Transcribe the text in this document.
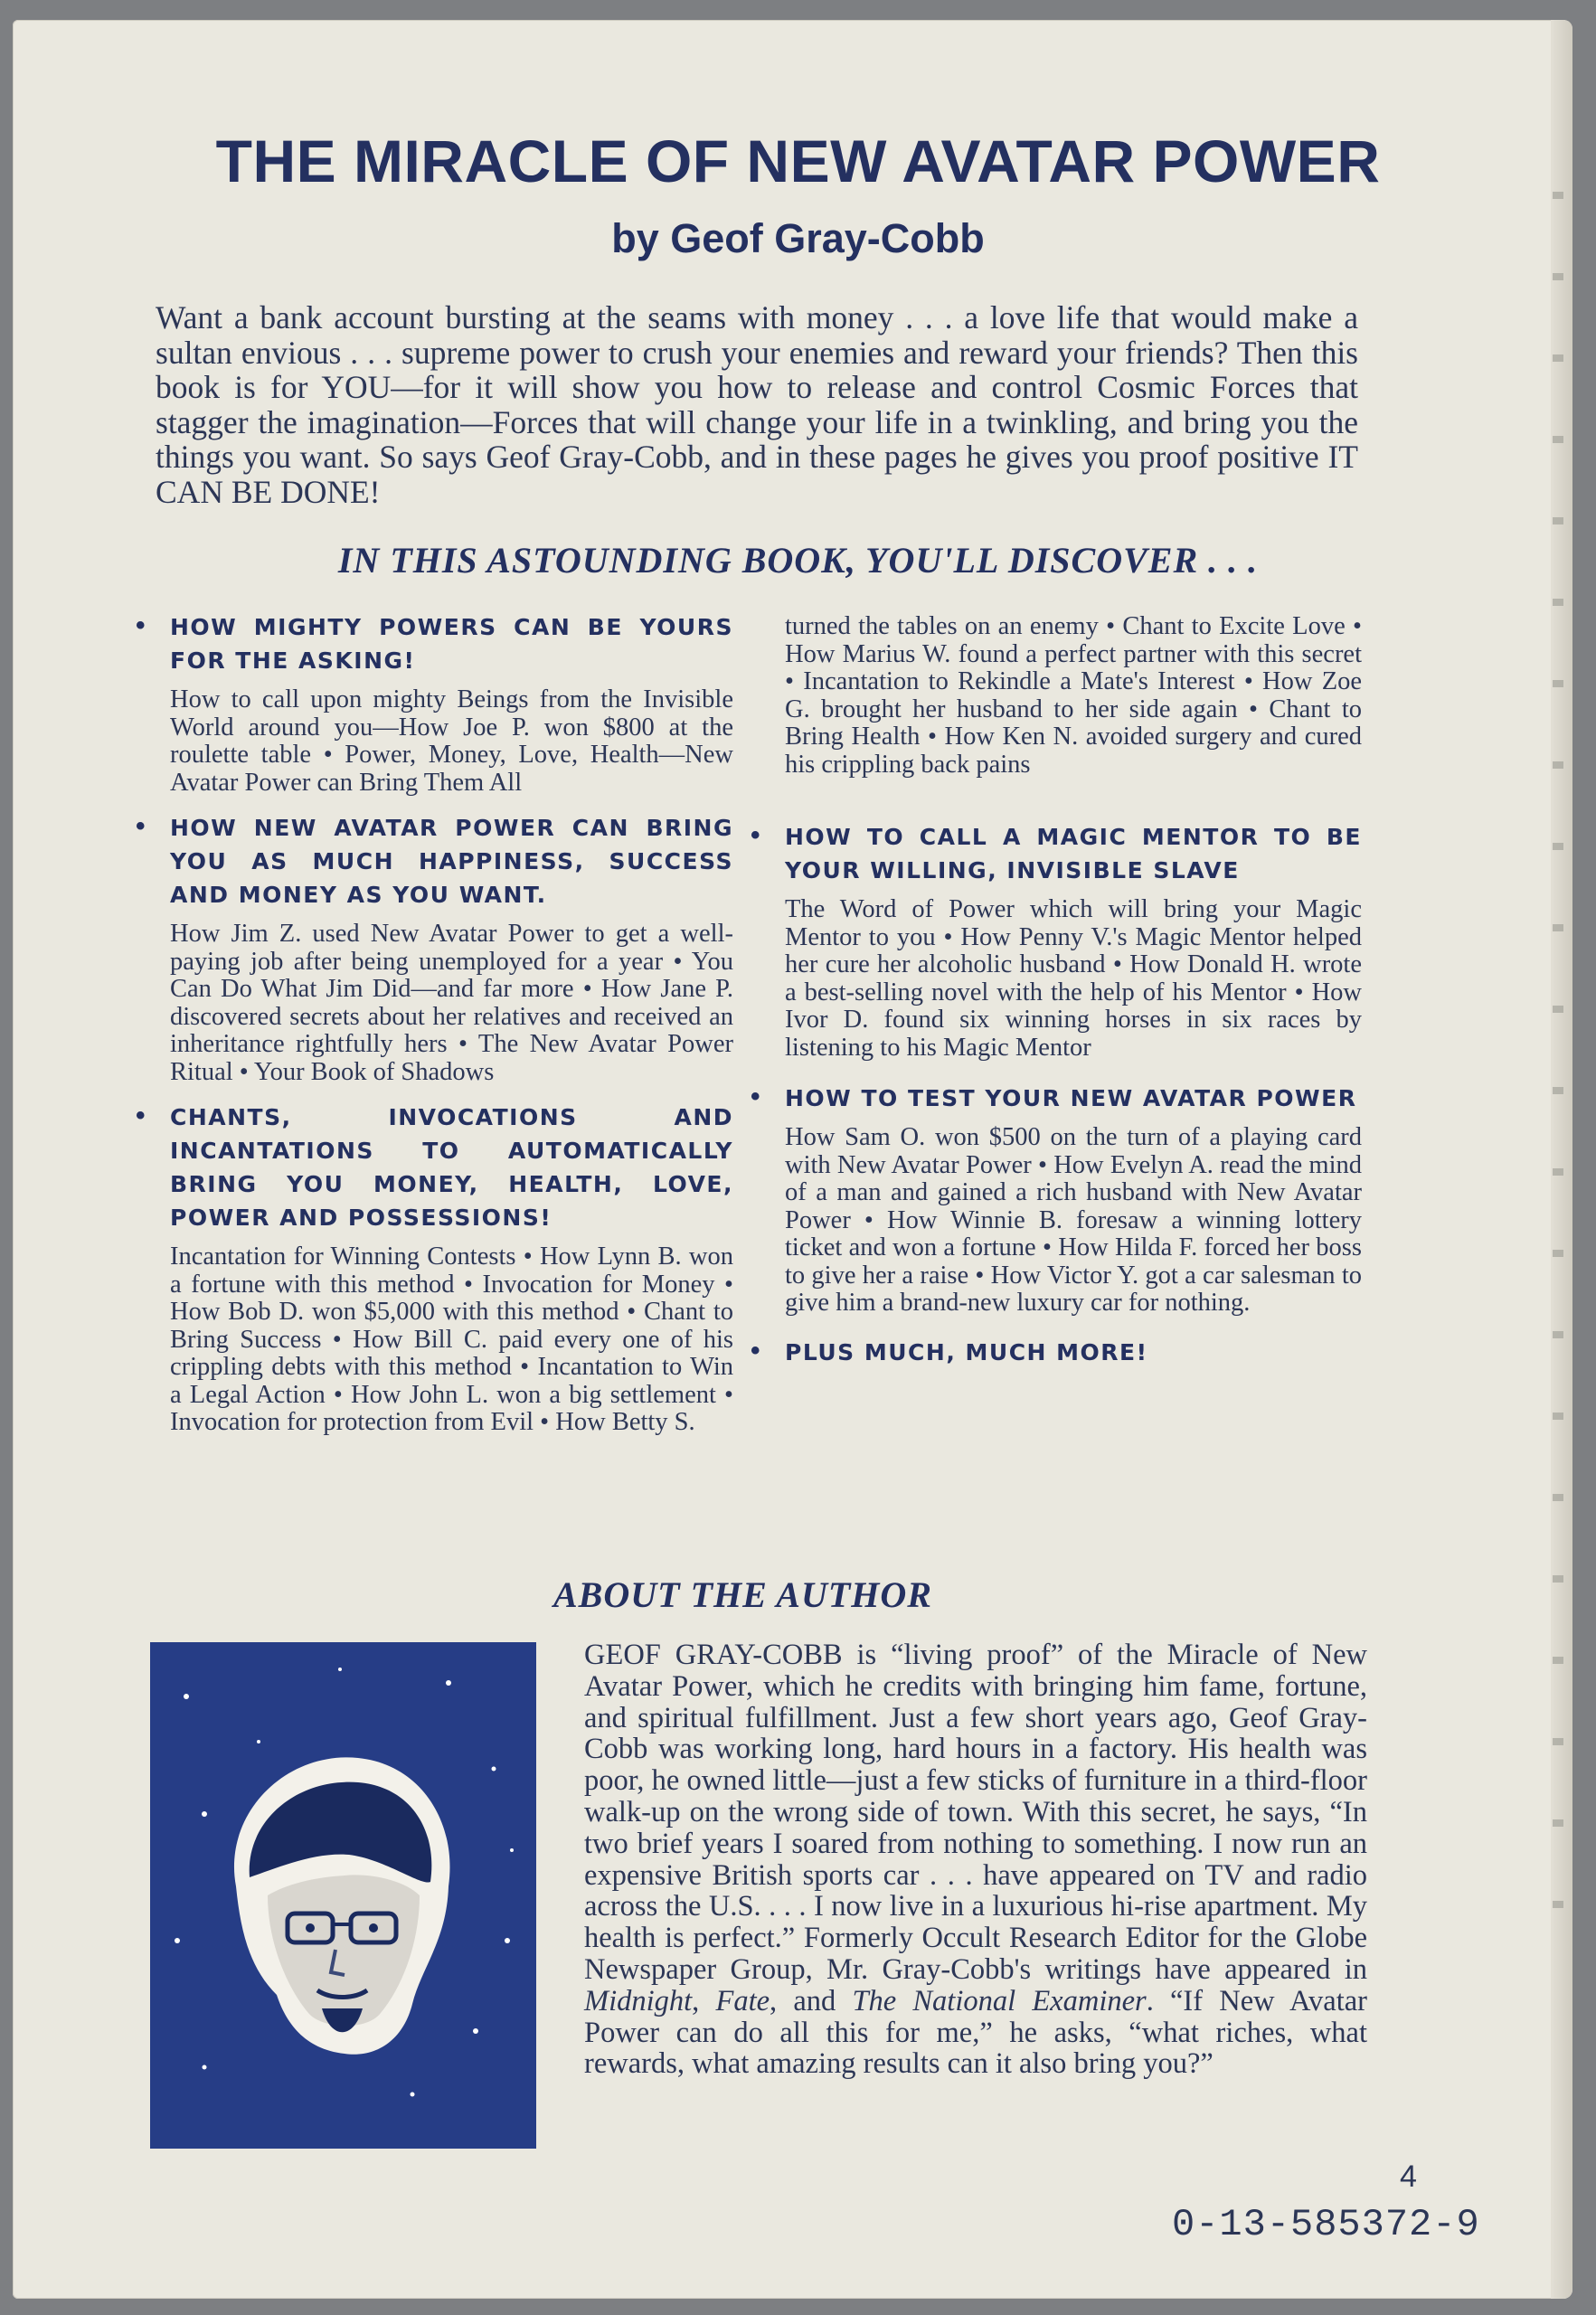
THE MIRACLE OF NEW AVATAR POWER
by Geof Gray-Cobb

Want a bank account bursting at the seams with money . . . a love life that would make a sultan envious . . . supreme power to crush your enemies and reward your friends? Then this book is for YOU—for it will show you how to release and control Cosmic Forces that stagger the imagination—Forces that will change your life in a twinkling, and bring you the things you want. So says Geof Gray-Cobb, and in these pages he gives you proof positive IT CAN BE DONE!

IN THIS ASTOUNDING BOOK, YOU'LL DISCOVER . . .
• HOW MIGHTY POWERS CAN BE YOURS FOR THE ASKING!
How to call upon mighty Beings from the Invisible World around you—How Joe P. won $800 at the roulette table • Power, Money, Love, Health—New Avatar Power can Bring Them All
• HOW NEW AVATAR POWER CAN BRING YOU AS MUCH HAPPINESS, SUCCESS AND MONEY AS YOU WANT.
How Jim Z. used New Avatar Power to get a well-paying job after being unemployed for a year • You Can Do What Jim Did—and far more • How Jane P. discovered secrets about her relatives and received an inheritance rightfully hers • The New Avatar Power Ritual • Your Book of Shadows
• CHANTS, INVOCATIONS AND INCANTATIONS TO AUTOMATICALLY BRING YOU MONEY, HEALTH, LOVE, POWER AND POSSESSIONS!
Incantation for Winning Contests • How Lynn B. won a fortune with this method • Invocation for Money • How Bob D. won $5,000 with this method • Chant to Bring Success • How Bill C. paid every one of his crippling debts with this method • Incantation to Win a Legal Action • How John L. won a big settlement • Invocation for protection from Evil • How Betty S.
turned the tables on an enemy • Chant to Excite Love • How Marius W. found a perfect partner with this secret • Incantation to Rekindle a Mate's Interest • How Zoe G. brought her husband to her side again • Chant to Bring Health • How Ken N. avoided surgery and cured his crippling back pains
• HOW TO CALL A MAGIC MENTOR TO BE YOUR WILLING, INVISIBLE SLAVE
The Word of Power which will bring your Magic Mentor to you • How Penny V.'s Magic Mentor helped her cure her alcoholic husband • How Donald H. wrote a best-selling novel with the help of his Mentor • How Ivor D. found six winning horses in six races by listening to his Magic Mentor
• HOW TO TEST YOUR NEW AVATAR POWER
How Sam O. won $500 on the turn of a playing card with New Avatar Power • How Evelyn A. read the mind of a man and gained a rich husband with New Avatar Power • How Winnie B. foresaw a winning lottery ticket and won a fortune • How Hilda F. forced her boss to give her a raise • How Victor Y. got a car salesman to give him a brand-new luxury car for nothing.
• PLUS MUCH, MUCH MORE!
ABOUT THE AUTHOR

GEOF GRAY-COBB is “living proof” of the Miracle of New Avatar Power, which he credits with bringing him fame, fortune, and spiritual fulfillment. Just a few short years ago, Geof Gray-Cobb was working long, hard hours in a factory. His health was poor, he owned little—just a few sticks of furniture in a third-floor walk-up on the wrong side of town. With this secret, he says, “In two brief years I soared from nothing to something. I now run an expensive British sports car . . . have appeared on TV and radio across the U.S. . . . I now live in a luxurious hi-rise apartment. My health is perfect.” Formerly Occult Research Editor for the Globe Newspaper Group, Mr. Gray-Cobb's writings have appeared in Midnight, Fate, and The National Examiner. “If New Avatar Power can do all this for me,” he asks, “what riches, what rewards, what amazing results can it also bring you?”

4
0-13-585372-9
